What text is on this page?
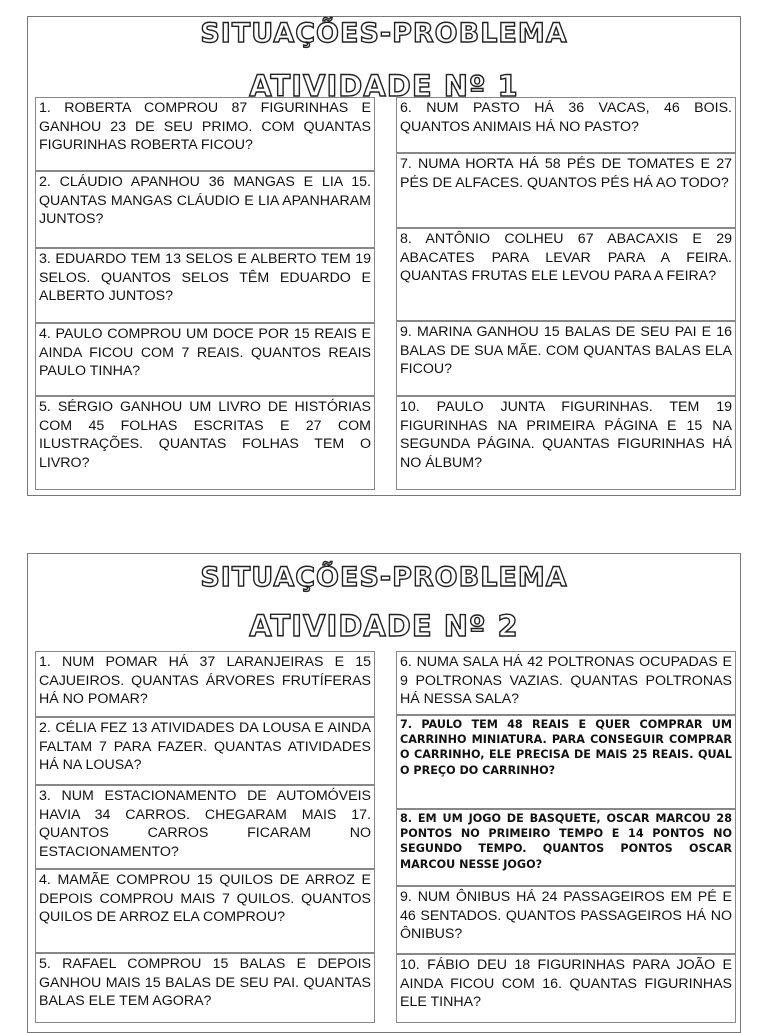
SITUAÇÕES-PROBLEMA
ATIVIDADE Nº 1
1. ROBERTA COMPROU 87 FIGURINHAS E GANHOU 23 DE SEU PRIMO. COM QUANTAS FIGURINHAS ROBERTA FICOU?
2. CLÁUDIO APANHOU 36 MANGAS E LIA 15. QUANTAS MANGAS CLÁUDIO E LIA APANHARAM JUNTOS?
3. EDUARDO TEM 13 SELOS E ALBERTO TEM 19 SELOS. QUANTOS SELOS TÊM EDUARDO E ALBERTO JUNTOS?
4. PAULO COMPROU UM DOCE POR 15 REAIS E AINDA FICOU COM 7 REAIS. QUANTOS REAIS PAULO TINHA?
5. SÉRGIO GANHOU UM LIVRO DE HISTÓRIAS COM 45 FOLHAS ESCRITAS E 27 COM ILUSTRAÇÕES. QUANTAS FOLHAS TEM O LIVRO?
6. NUM PASTO HÁ 36 VACAS, 46 BOIS. QUANTOS ANIMAIS HÁ NO PASTO?
7. NUMA HORTA HÁ 58 PÉS DE TOMATES E 27 PÉS DE ALFACES. QUANTOS PÉS HÁ AO TODO?
8. ANTÔNIO COLHEU 67 ABACAXIS E 29 ABACATES PARA LEVAR PARA A FEIRA. QUANTAS FRUTAS ELE LEVOU PARA A FEIRA?
9. MARINA GANHOU 15 BALAS DE SEU PAI E 16 BALAS DE SUA MÃE. COM QUANTAS BALAS ELA FICOU?
10. PAULO JUNTA FIGURINHAS. TEM 19 FIGURINHAS NA PRIMEIRA PÁGINA E 15 NA SEGUNDA PÁGINA. QUANTAS FIGURINHAS HÁ NO ÁLBUM?
SITUAÇÕES-PROBLEMA
ATIVIDADE Nº 2
1. NUM POMAR HÁ 37 LARANJEIRAS E 15 CAJUEIROS. QUANTAS ÁRVORES FRUTÍFERAS HÁ NO POMAR?
2. CÉLIA FEZ 13 ATIVIDADES DA LOUSA E AINDA FALTAM 7 PARA FAZER. QUANTAS ATIVIDADES HÁ NA LOUSA?
3. NUM ESTACIONAMENTO DE AUTOMÓVEIS HAVIA 34 CARROS. CHEGARAM MAIS 17. QUANTOS CARROS FICARAM NO ESTACIONAMENTO?
4. MAMÃE COMPROU 15 QUILOS DE ARROZ E DEPOIS COMPROU MAIS 7 QUILOS. QUANTOS QUILOS DE ARROZ ELA COMPROU?
5. RAFAEL COMPROU 15 BALAS E DEPOIS GANHOU MAIS 15 BALAS DE SEU PAI. QUANTAS BALAS ELE TEM AGORA?
6. NUMA SALA HÁ 42 POLTRONAS OCUPADAS E 9 POLTRONAS VAZIAS. QUANTAS POLTRONAS HÁ NESSA SALA?
7. PAULO TEM 48 REAIS E QUER COMPRAR UM CARRINHO MINIATURA. PARA CONSEGUIR COMPRAR O CARRINHO, ELE PRECISA DE MAIS 25 REAIS. QUAL O PREÇO DO CARRINHO?
8. EM UM JOGO DE BASQUETE, OSCAR MARCOU 28 PONTOS NO PRIMEIRO TEMPO E 14 PONTOS NO SEGUNDO TEMPO. QUANTOS PONTOS OSCAR MARCOU NESSE JOGO?
9. NUM ÔNIBUS HÁ 24 PASSAGEIROS EM PÉ E 46 SENTADOS. QUANTOS PASSAGEIROS HÁ NO ÔNIBUS?
10. FÁBIO DEU 18 FIGURINHAS PARA JOÃO E AINDA FICOU COM 16. QUANTAS FIGURINHAS ELE TINHA?
